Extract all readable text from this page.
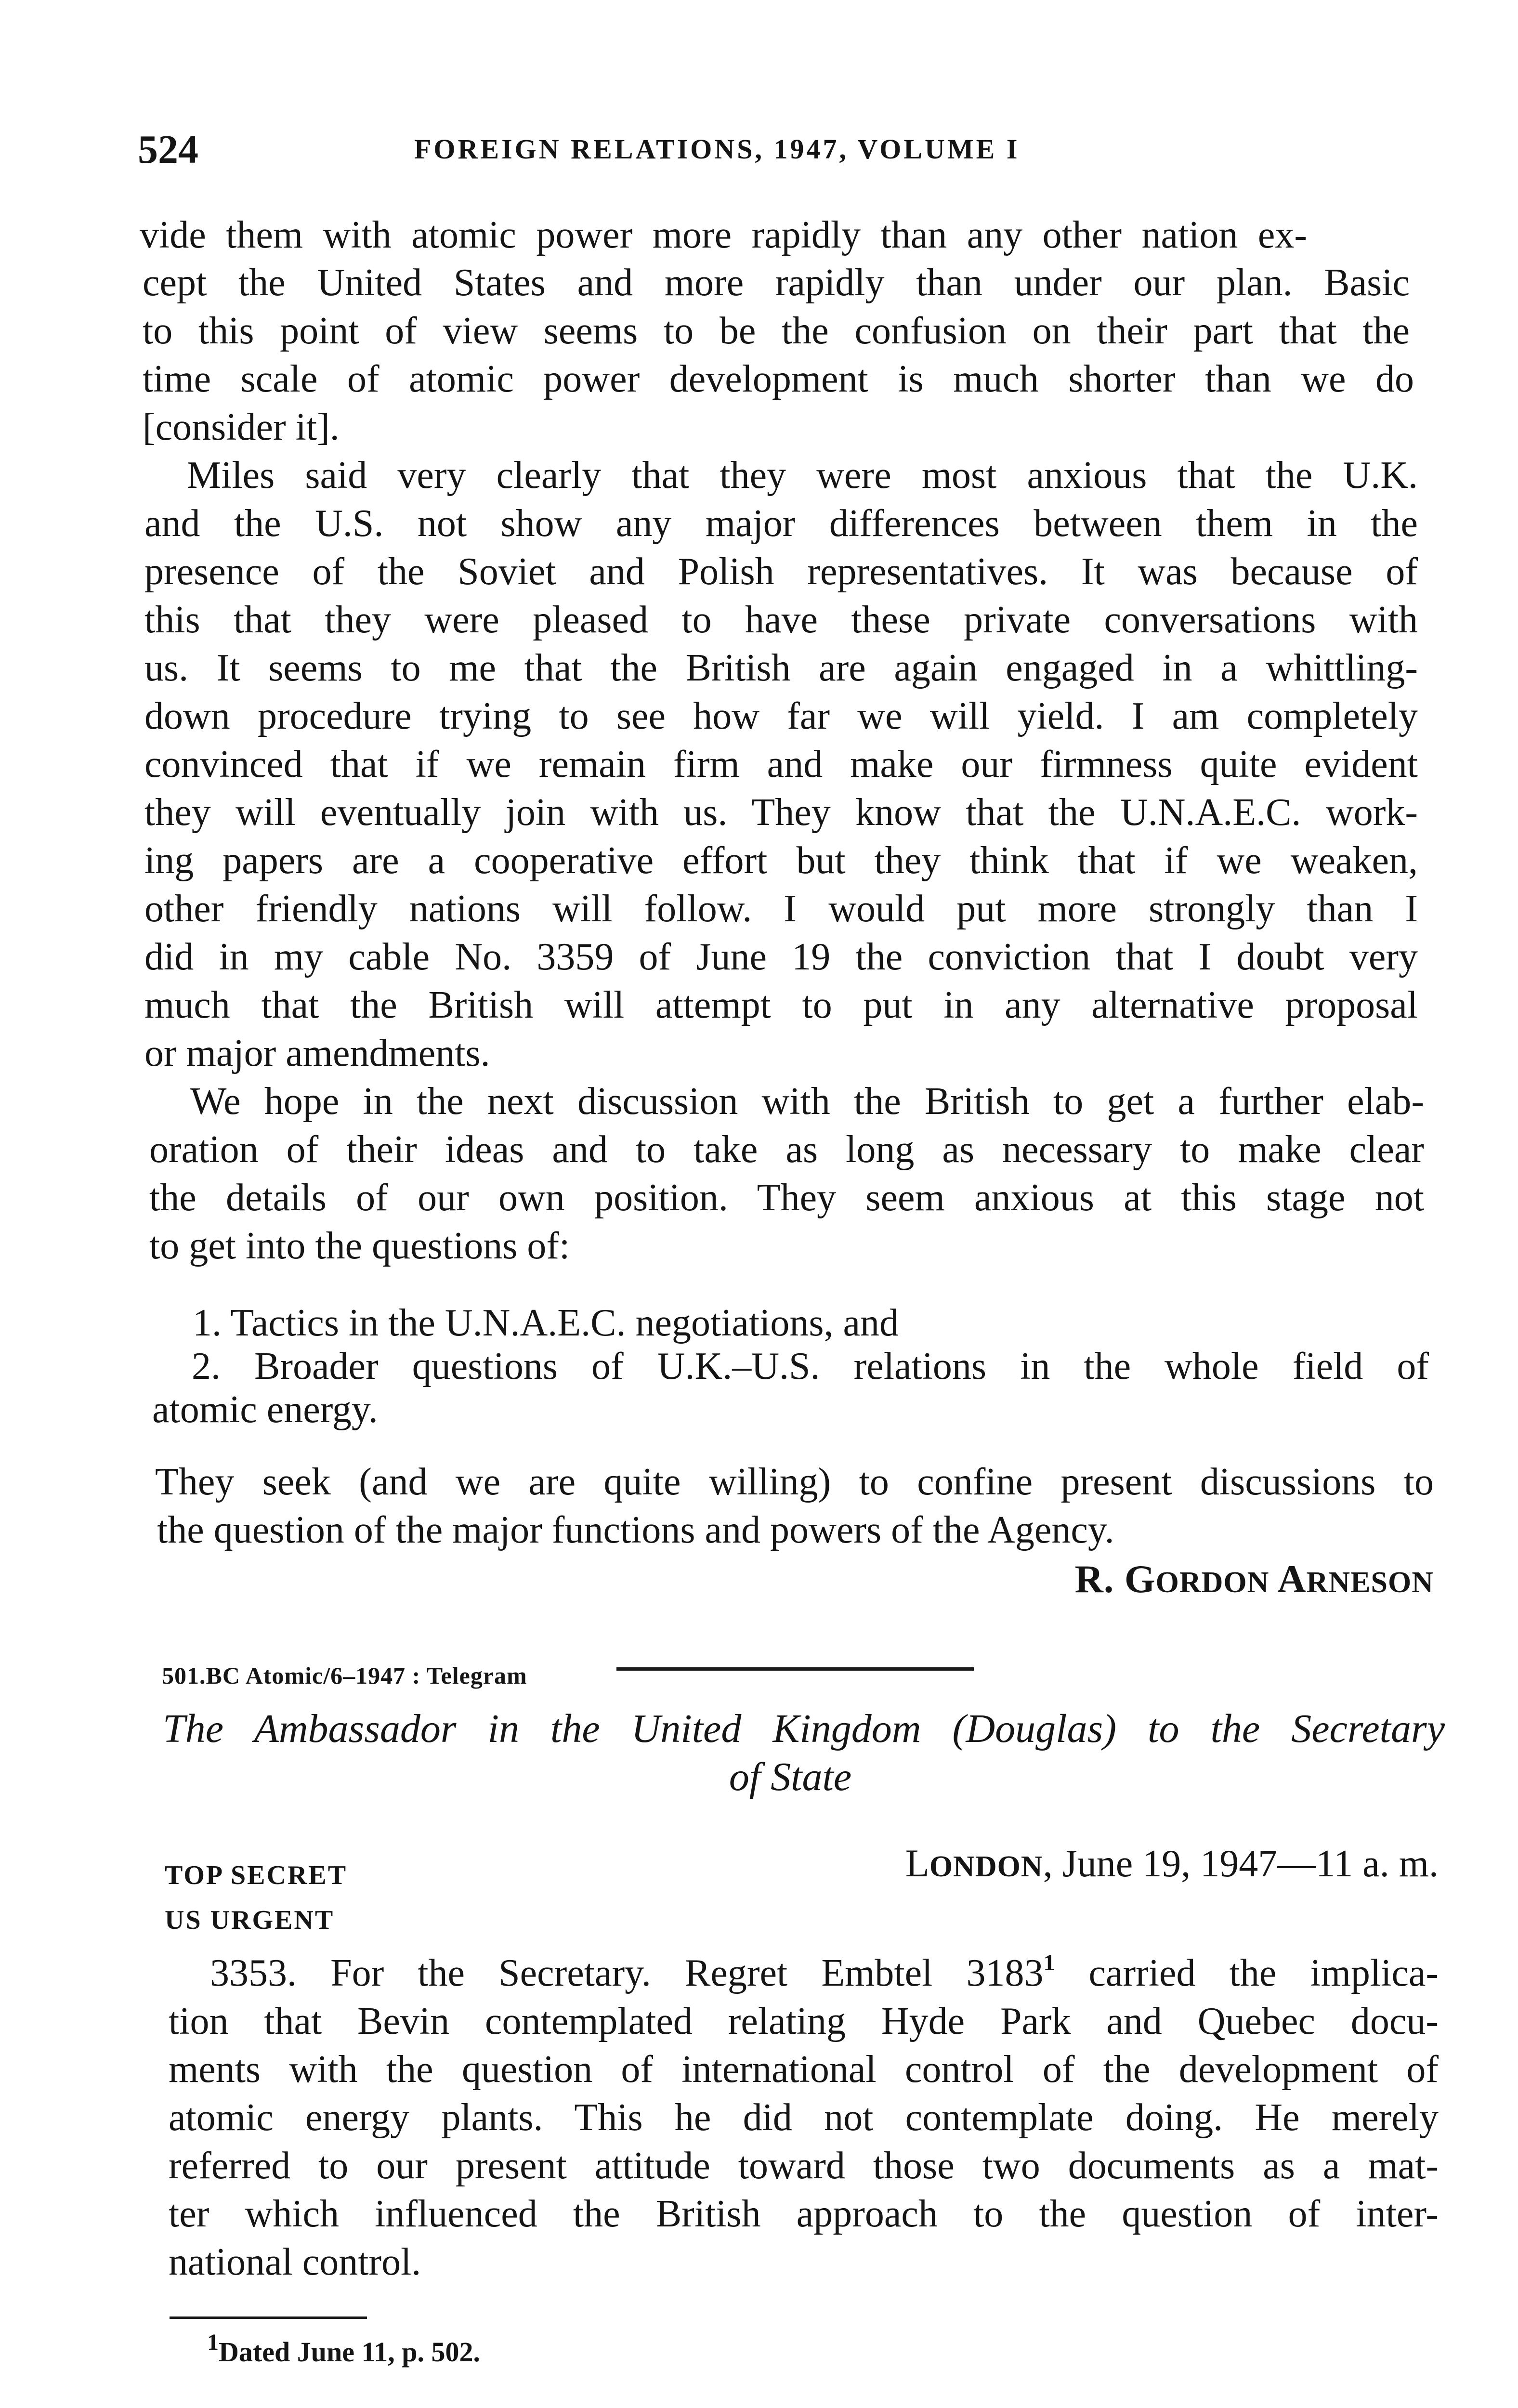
524	FOREIGN RELATIONS, 1947, VOLUME I
vide them with atomic power more rapidly than any other nation ex-
cept the United States and more rapidly than under our plan. Basic
to this point of view seems to be the confusion on their part that the
time scale of atomic power development is much shorter than we do
[consider it].
Miles said very clearly that they were most anxious that the U.K.
and the U.S. not show any major differences between them in the
presence of the Soviet and Polish representatives. It was because of
this that they were pleased to have these private conversations with
us. It seems to me that the British are again engaged in a whittling-
down procedure trying to see how far we will yield. I am completely
convinced that if we remain firm and make our firmness quite evident
they will eventually join with us. They know that the U.N.A.E.C. work-
ing papers are a cooperative effort but they think that if we weaken,
other friendly nations will follow. I would put more strongly than I
did in my cable No. 3359 of June 19 the conviction that I doubt very
much that the British will attempt to put in any alternative proposal
or major amendments.
We hope in the next discussion with the British to get a further elab-
oration of their ideas and to take as long as necessary to make clear
the details of our own position. They seem anxious at this stage not
to get into the questions of:
1. Tactics in the U.N.A.E.C. negotiations, and
2. Broader questions of U.K.–U.S. relations in the whole field of
atomic energy.
They seek (and we are quite willing) to confine present discussions to
the question of the major functions and powers of the Agency.
R. GORDON ARNESON
501.BC Atomic/6–1947 : Telegram
The Ambassador in the United Kingdom (Douglas) to the Secretary
of State
TOP SECRET	LONDON, June 19, 1947—11 a. m.
US URGENT
3353. For the Secretary. Regret Embtel 3183$^1$ carried the implica-
tion that Bevin contemplated relating Hyde Park and Quebec docu-
ments with the question of international control of the development of
atomic energy plants. This he did not contemplate doing. He merely
referred to our present attitude toward those two documents as a mat-
ter which influenced the British approach to the question of inter-
national control.
$^1$Dated June 11, p. 502.
